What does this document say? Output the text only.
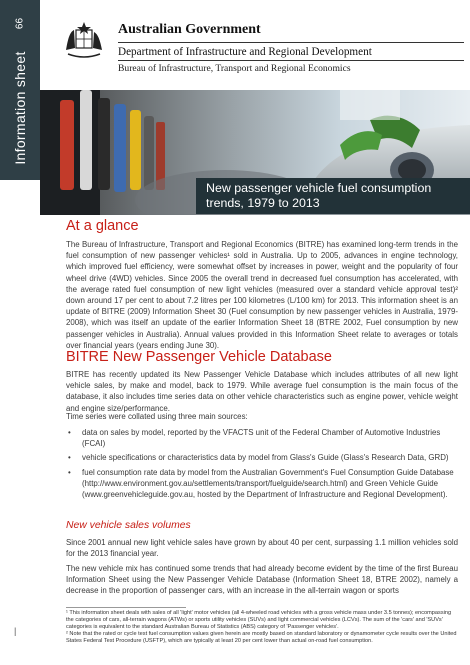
66
Information sheet
|
Australian Government
Department of Infrastructure and Regional Development
Bureau of Infrastructure, Transport and Regional Economics
New passenger vehicle fuel consumption trends, 1979 to 2013
At a glance

The Bureau of Infrastructure, Transport and Regional Economics (BITRE) has examined long-term trends in the fuel consumption of new passenger vehicles¹ sold in Australia. Up to 2005, advances in engine technology, which improved fuel efficiency, were somewhat offset by increases in power, weight and the popularity of four wheel drive (4WD) vehicles. Since 2005 the overall trend in decreased fuel consumption has accelerated, with the average rated fuel consumption of new light vehicles (measured over a standard vehicle approval test)² down around 17 per cent to about 7.2 litres per 100 kilometres (L/100 km) for 2013. This information sheet is an update of BITRE (2009) Information Sheet 30 (Fuel consumption by new passenger vehicles in Australia, 1979-2008), which was itself an update of the earlier Information Sheet 18 (BTRE 2002, Fuel consumption by new passenger vehicles in Australia). Annual values provided in this Information Sheet relate to averages or totals over financial years (years ending June 30).

BITRE New Passenger Vehicle Database

BITRE has recently updated its New Passenger Vehicle Database which includes attributes of all new light vehicle sales, by make and model, back to 1979. While average fuel consumption is the main focus of the database, it also includes time series data on other vehicle characteristics such as engine power, vehicle weight and engine size/performance.

Time series were collated using three main sources:

• data on sales by model, reported by the VFACTS unit of the Federal Chamber of Automotive Industries (FCAI)
• vehicle specifications or characteristics data by model from Glass's Guide (Glass's Research Data, GRD)
• fuel consumption rate data by model from the Australian Government's Fuel Consumption Guide Database (http://www.environment.gov.au/settlements/transport/fuelguide/search.html) and Green Vehicle Guide (www.greenvehicleguide.gov.au, hosted by the Department of Infrastructure and Regional Development).
New vehicle sales volumes

Since 2001 annual new light vehicle sales have grown by about 40 per cent, surpassing 1.1 million vehicles sold for the 2013 financial year.

The new vehicle mix has continued some trends that had already become evident by the time of the first Bureau Information Sheet using the New Passenger Vehicle Database (Information Sheet 18, BTRE 2002), namely a decrease in the proportion of passenger cars, with an increase in the all-terrain wagon or sports

¹ This information sheet deals with sales of all 'light' motor vehicles (all 4-wheeled road vehicles with a gross vehicle mass under 3.5 tonnes); encompassing the categories of cars, all-terrain wagons (ATWs) or sports utility vehicles (SUVs) and light commercial vehicles (LCVs). The sum of the 'cars' and 'SUVs' categories is equivalent to the standard Australian Bureau of Statistics (ABS) category of 'Passenger vehicles'.

² Note that the rated or cycle test fuel consumption values given herein are mostly based on standard laboratory or dynamometer cycle results over the United States Federal Test Procedure (USFTP), which are typically at least 20 per cent lower than actual on-road fuel consumption.
